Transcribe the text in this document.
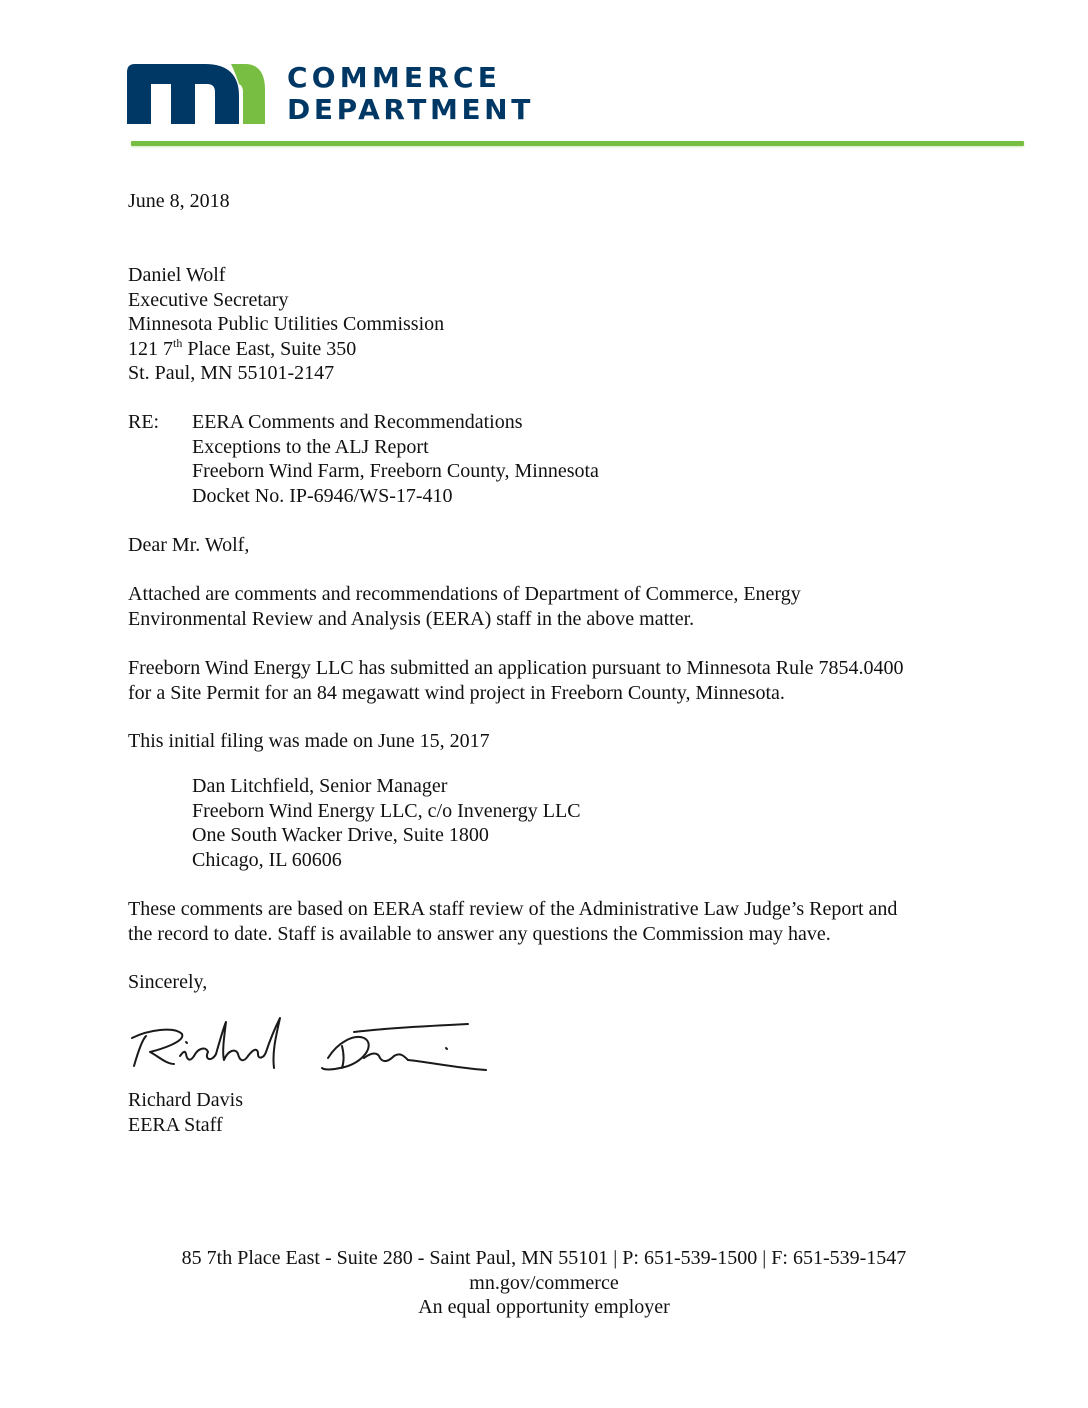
COMMERCE
DEPARTMENT
June 8, 2018
Daniel Wolf
Executive Secretary
Minnesota Public Utilities Commission
121 7th Place East, Suite 350
St. Paul, MN 55101-2147
RE: EERA Comments and Recommendations
Exceptions to the ALJ Report
Freeborn Wind Farm, Freeborn County, Minnesota
Docket No. IP-6946/WS-17-410
Dear Mr. Wolf,
Attached are comments and recommendations of Department of Commerce, Energy
Environmental Review and Analysis (EERA) staff in the above matter.
Freeborn Wind Energy LLC has submitted an application pursuant to Minnesota Rule 7854.0400
for a Site Permit for an 84 megawatt wind project in Freeborn County, Minnesota.
This initial filing was made on June 15, 2017
Dan Litchfield, Senior Manager
Freeborn Wind Energy LLC, c/o Invenergy LLC
One South Wacker Drive, Suite 1800
Chicago, IL 60606
These comments are based on EERA staff review of the Administrative Law Judge’s Report and
the record to date. Staff is available to answer any questions the Commission may have.
Sincerely,
Richard Davis
EERA Staff
85 7th Place East - Suite 280 - Saint Paul, MN 55101 | P: 651-539-1500 | F: 651-539-1547
mn.gov/commerce
An equal opportunity employer
